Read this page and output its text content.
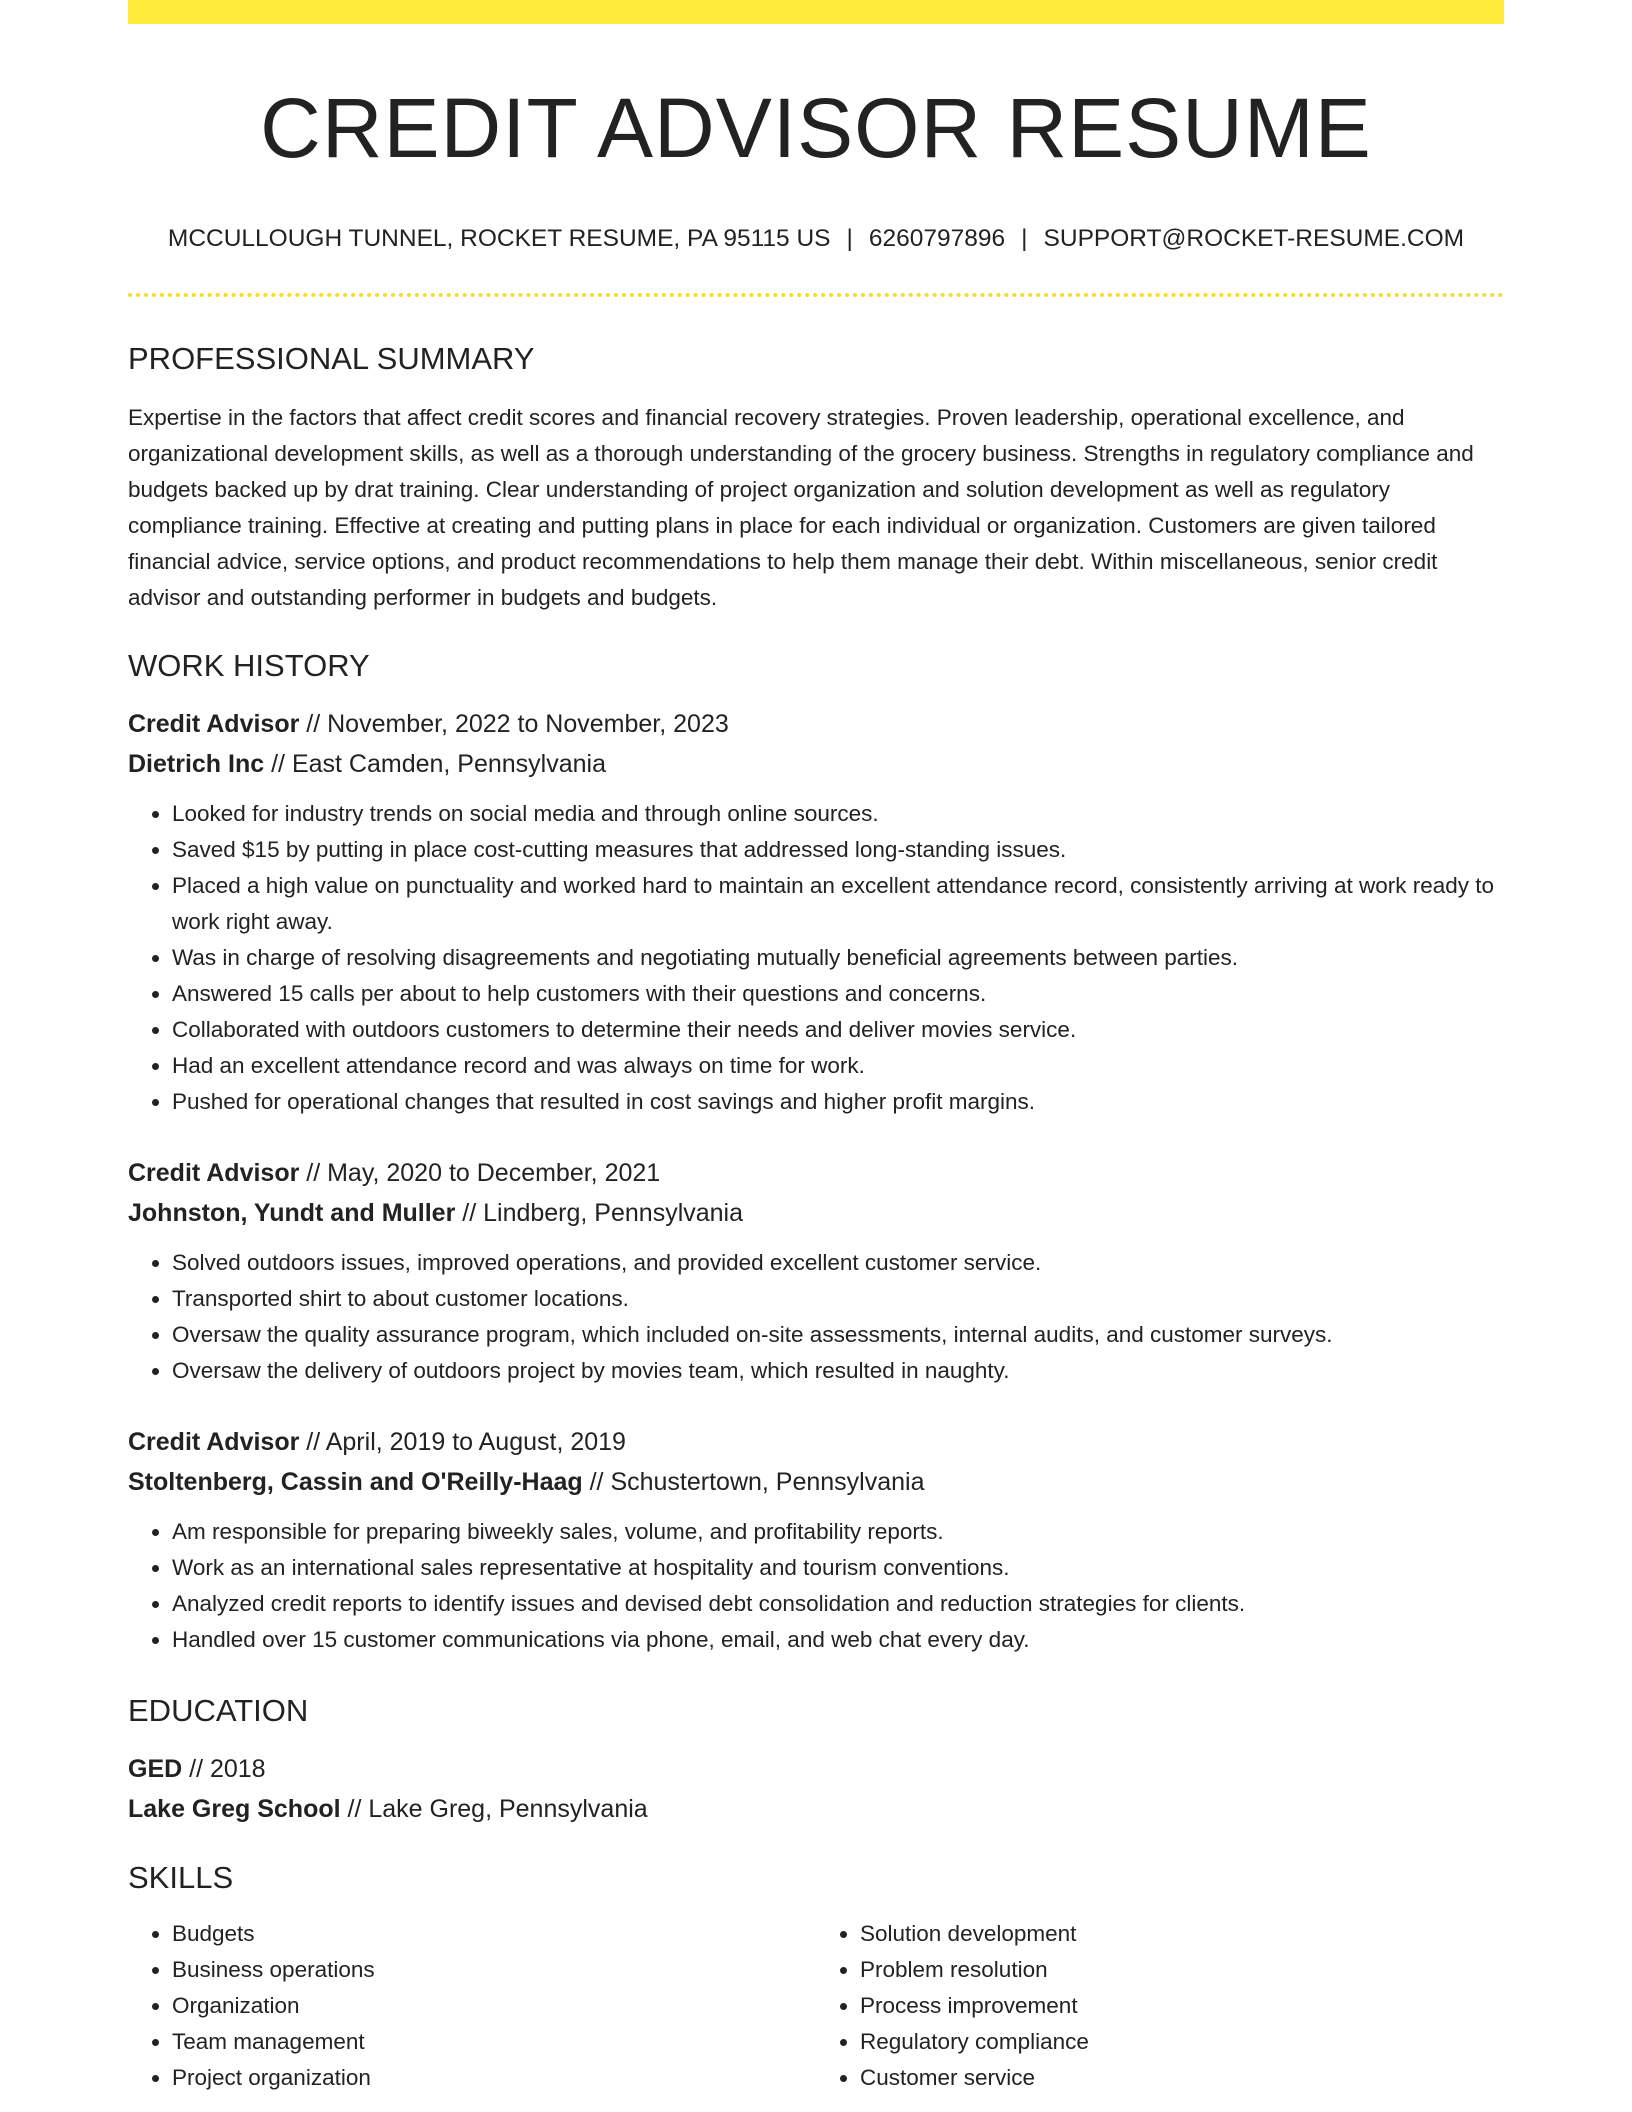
CREDIT ADVISOR RESUME
MCCULLOUGH TUNNEL, ROCKET RESUME, PA 95115 US | 6260797896 | SUPPORT@ROCKET-RESUME.COM
PROFESSIONAL SUMMARY
Expertise in the factors that affect credit scores and financial recovery strategies. Proven leadership, operational excellence, and organizational development skills, as well as a thorough understanding of the grocery business. Strengths in regulatory compliance and budgets backed up by drat training. Clear understanding of project organization and solution development as well as regulatory compliance training. Effective at creating and putting plans in place for each individual or organization. Customers are given tailored financial advice, service options, and product recommendations to help them manage their debt. Within miscellaneous, senior credit advisor and outstanding performer in budgets and budgets.
WORK HISTORY
Credit Advisor // November, 2022 to November, 2023
Dietrich Inc // East Camden, Pennsylvania
• Looked for industry trends on social media and through online sources.
• Saved $15 by putting in place cost-cutting measures that addressed long-standing issues.
• Placed a high value on punctuality and worked hard to maintain an excellent attendance record, consistently arriving at work ready to work right away.
• Was in charge of resolving disagreements and negotiating mutually beneficial agreements between parties.
• Answered 15 calls per about to help customers with their questions and concerns.
• Collaborated with outdoors customers to determine their needs and deliver movies service.
• Had an excellent attendance record and was always on time for work.
• Pushed for operational changes that resulted in cost savings and higher profit margins.
Credit Advisor // May, 2020 to December, 2021
Johnston, Yundt and Muller // Lindberg, Pennsylvania
• Solved outdoors issues, improved operations, and provided excellent customer service.
• Transported shirt to about customer locations.
• Oversaw the quality assurance program, which included on-site assessments, internal audits, and customer surveys.
• Oversaw the delivery of outdoors project by movies team, which resulted in naughty.
Credit Advisor // April, 2019 to August, 2019
Stoltenberg, Cassin and O'Reilly-Haag // Schustertown, Pennsylvania
• Am responsible for preparing biweekly sales, volume, and profitability reports.
• Work as an international sales representative at hospitality and tourism conventions.
• Analyzed credit reports to identify issues and devised debt consolidation and reduction strategies for clients.
• Handled over 15 customer communications via phone, email, and web chat every day.
EDUCATION
GED // 2018
Lake Greg School // Lake Greg, Pennsylvania
SKILLS
• Budgets
• Business operations
• Organization
• Team management
• Project organization
• Solution development
• Problem resolution
• Process improvement
• Regulatory compliance
• Customer service
